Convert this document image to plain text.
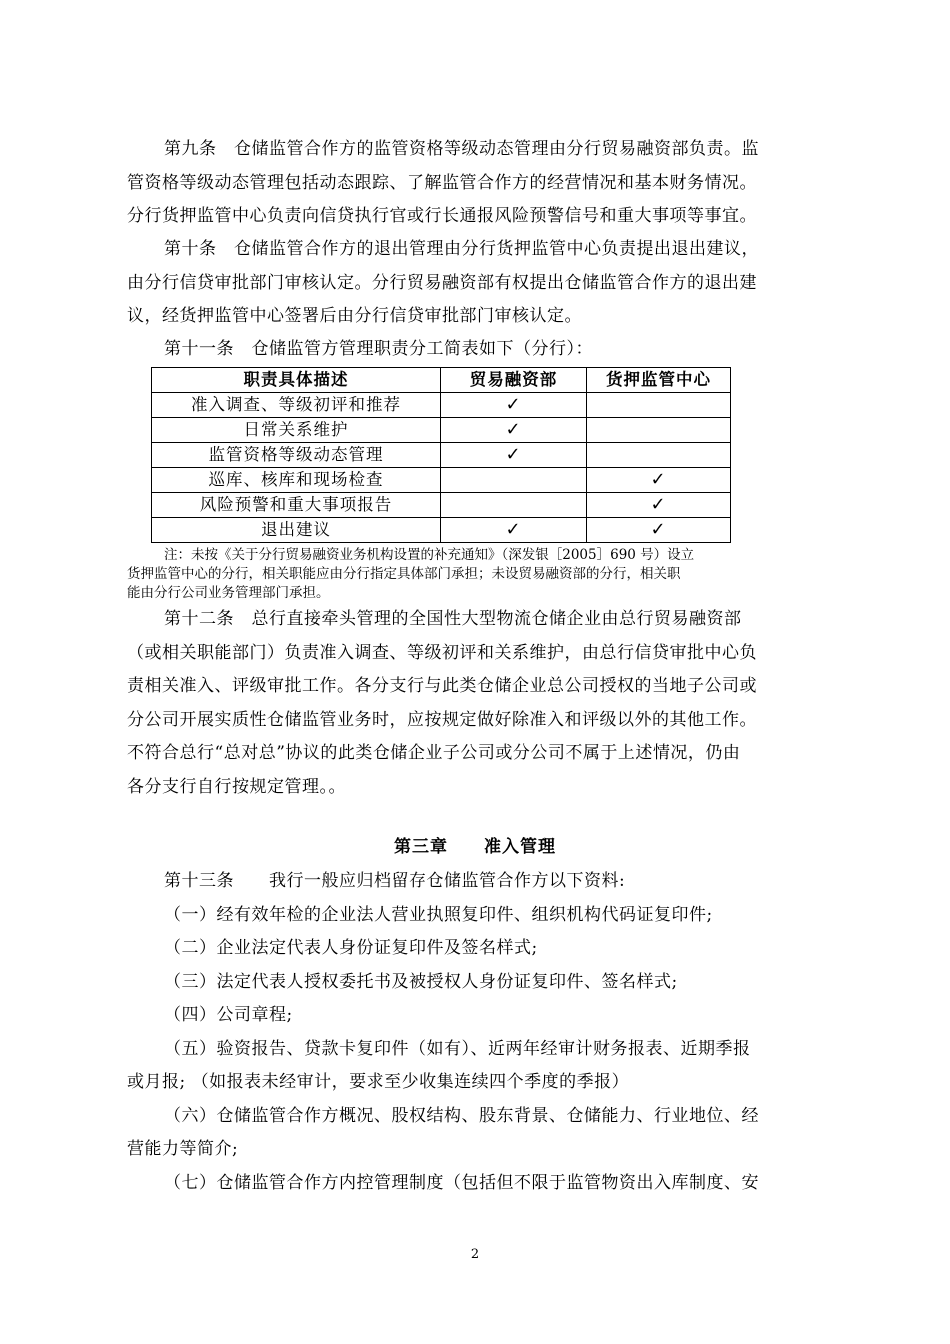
第九条　仓储监管合作方的监管资格等级动态管理由分行贸易融资部负责。监
管资格等级动态管理包括动态跟踪、了解监管合作方的经营情况和基本财务情况。
分行货押监管中心负责向信贷执行官或行长通报风险预警信号和重大事项等事宜。
第十条　仓储监管合作方的退出管理由分行货押监管中心负责提出退出建议，
由分行信贷审批部门审核认定。分行贸易融资部有权提出仓储监管合作方的退出建
议，经货押监管中心签署后由分行信贷审批部门审核认定。
第十一条　仓储监管方管理职责分工简表如下（分行）：
职责具体描述	贸易融资部	货押监管中心
准入调查、等级初评和推荐	✓	
日常关系维护	✓	
监管资格等级动态管理	✓	
巡库、核库和现场检查		✓
风险预警和重大事项报告		✓
退出建议	✓	✓
注：未按《关于分行贸易融资业务机构设置的补充通知》（深发银［2005］690 号）设立
货押监管中心的分行，相关职能应由分行指定具体部门承担；未设贸易融资部的分行，相关职
能由分行公司业务管理部门承担。
第十二条　总行直接牵头管理的全国性大型物流仓储企业由总行贸易融资部
（或相关职能部门）负责准入调查、等级初评和关系维护，由总行信贷审批中心负
责相关准入、评级审批工作。各分支行与此类仓储企业总公司授权的当地子公司或
分公司开展实质性仓储监管业务时，应按规定做好除准入和评级以外的其他工作。
不符合总行“总对总”协议的此类仓储企业子公司或分公司不属于上述情况，仍由
各分支行自行按规定管理。。
第三章　　准入管理
第十三条　　我行一般应归档留存仓储监管合作方以下资料:
（一）经有效年检的企业法人营业执照复印件、组织机构代码证复印件;
（二）企业法定代表人身份证复印件及签名样式;
（三）法定代表人授权委托书及被授权人身份证复印件、签名样式;
（四）公司章程;
（五）验资报告、贷款卡复印件（如有）、近两年经审计财务报表、近期季报
或月报; （如报表未经审计，要求至少收集连续四个季度的季报）
（六）仓储监管合作方概况、股权结构、股东背景、仓储能力、行业地位、经
营能力等简介;
（七）仓储监管合作方内控管理制度（包括但不限于监管物资出入库制度、安
2
